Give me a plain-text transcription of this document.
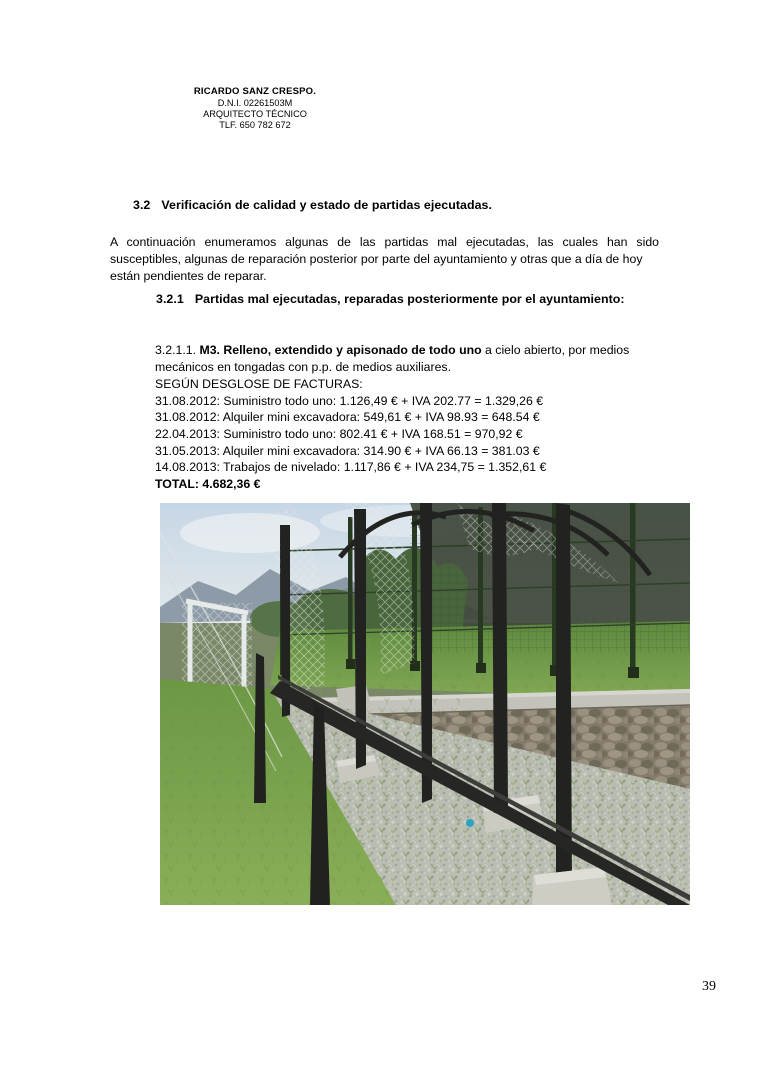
RICARDO SANZ CRESPO.
D.N.I. 02261503M
ARQUITECTO TÉCNICO
TLF. 650 782 672
3.2 Verificación de calidad y estado de partidas ejecutadas.
A continuación enumeramos algunas de las partidas mal ejecutadas, las cuales han sido susceptibles, algunas de reparación posterior por parte del ayuntamiento y otras que a día de hoy
están pendientes de reparar.
3.2.1 Partidas mal ejecutadas, reparadas posteriormente por el ayuntamiento:
3.2.1.1. M3. Relleno, extendido y apisonado de todo uno a cielo abierto, por medios mecánicos en tongadas con p.p. de medios auxiliares.
SEGÚN DESGLOSE DE FACTURAS:
31.08.2012: Suministro todo uno: 1.126,49 € + IVA 202.77 = 1.329,26 €
31.08.2012: Alquiler mini excavadora: 549,61 € + IVA 98.93 = 648.54 €
22.04.2013: Suministro todo uno: 802.41 € + IVA 168.51 = 970,92 €
31.05.2013: Alquiler mini excavadora: 314.90 € + IVA 66.13 = 381.03 €
14.08.2013: Trabajos de nivelado: 1.117,86 € + IVA 234,75 = 1.352,61 €
TOTAL: 4.682,36 €
39
